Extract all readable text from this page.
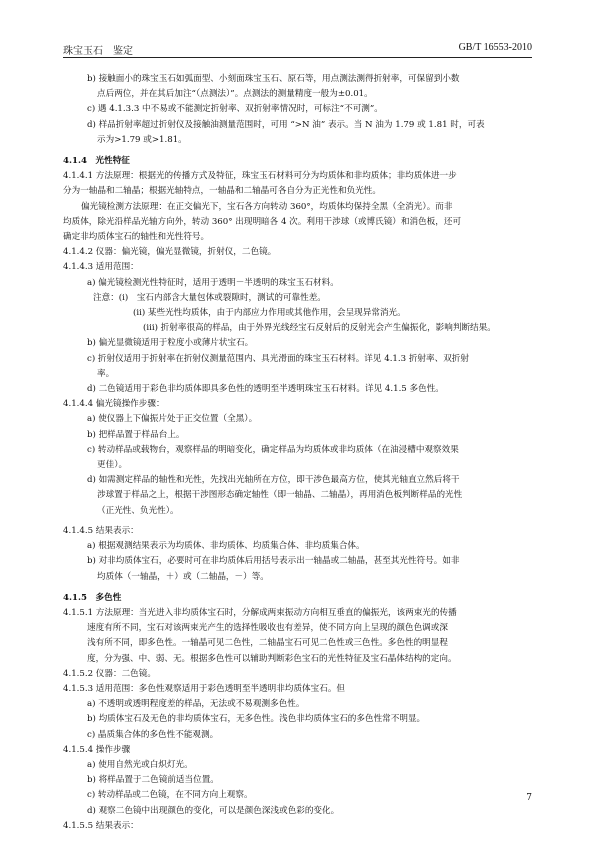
珠宝玉石　鉴定	GB/T 16553-2010
b) 接触面小的珠宝玉石如弧面型、小刻面珠宝玉石、原石等，用点测法测得折射率，可保留到小数
点后两位，并在其后加注“（点测法）”。点测法的测量精度一般为±0.01。
c) 遇 4.1.3.3 中不易或不能测定折射率、双折射率情况时，可标注“不可测”。
d) 样品折射率超过折射仪及接触油测量范围时，可用 “>N 油” 表示。当 N 油为 1.79 或 1.81 时，可表
示为>1.79 或>1.81。
4.1.4　光性特征
4.1.4.1 方法原理：根据光的传播方式及特征，珠宝玉石材料可分为均质体和非均质体；非均质体进一步
分为一轴晶和二轴晶；根据光轴特点，一轴晶和二轴晶可各自分为正光性和负光性。
偏光镜检测方法原理：在正交偏光下，宝石各方向转动 360°，均质体均保持全黑（全消光）。而非
均质体，除光沿样品光轴方向外，转动 360° 出现明暗各 4 次。利用干涉球（或博氏镜）和消色板，还可
确定非均质体宝石的轴性和光性符号。
4.1.4.2 仪器：偏光镜，偏光显微镜，折射仪，二色镜。
4.1.4.3 适用范围：
a) 偏光镜检测光性特征时，适用于透明－半透明的珠宝玉石材料。
注意：(i)　宝石内部含大量包体或裂隙时，测试的可靠性差。
(ii) 某些光性均质体，由于内部应力作用或其他作用，会呈现异常消光。
(iii) 折射率很高的样品，由于外界光线经宝石反射后的反射光会产生偏振化，影响判断结果。
b) 偏光显微镜适用于粒度小或薄片状宝石。
c) 折射仪适用于折射率在折射仪测量范围内、具光滑面的珠宝玉石材料。详见 4.1.3 折射率、双折射
率。
d) 二色镜适用于彩色非均质体即具多色性的透明至半透明珠宝玉石材料。详见 4.1.5 多色性。
4.1.4.4 偏光镜操作步骤：
a) 使仪器上下偏振片处于正交位置（全黑）。
b) 把样品置于样品台上。
c) 转动样品或载物台，观察样品的明暗变化，确定样品为均质体或非均质体（在油浸槽中观察效果
更佳）。
d) 如需测定样品的轴性和光性，先找出光轴所在方位，即干涉色最高方位，使其光轴直立然后将干
涉球置于样品之上，根据干涉图形态确定轴性（即一轴晶、二轴晶），再用消色板判断样品的光性
（正光性、负光性）。
4.1.4.5 结果表示：
a) 根据观测结果表示为均质体、非均质体、均质集合体、非均质集合体。
b) 对非均质体宝石，必要时可在非均质体后用括号表示出一轴晶或二轴晶，甚至其光性符号。如非
均质体（一轴晶，＋）或（二轴晶，－）等。
4.1.5　多色性
4.1.5.1 方法原理：当光进入非均质体宝石时，分解成两束振动方向相互垂直的偏振光，该两束光的传播
速度有所不同，宝石对该两束光产生的选择性吸收也有差异，使不同方向上呈现的颜色色调或深
浅有所不同，即多色性。一轴晶可见二色性，二轴晶宝石可见二色性或三色性。多色性的明显程
度，分为强、中、弱、无。根据多色性可以辅助判断彩色宝石的光性特征及宝石晶体结构的定向。
4.1.5.2 仪器：二色镜。
4.1.5.3 适用范围：多色性观察适用于彩色透明至半透明非均质体宝石。但
a) 不透明或透明程度差的样品，无法或不易观测多色性。
b) 均质体宝石及无色的非均质体宝石，无多色性。浅色非均质体宝石的多色性常不明显。
c) 晶质集合体的多色性不能观测。
4.1.5.4 操作步骤
a) 使用自然光或白炽灯光。
b) 将样品置于二色镜前适当位置。
c) 转动样品或二色镜，在不同方向上观察。
d) 观察二色镜中出现颜色的变化，可以是颜色深浅或色彩的变化。
4.1.5.5 结果表示：
7
